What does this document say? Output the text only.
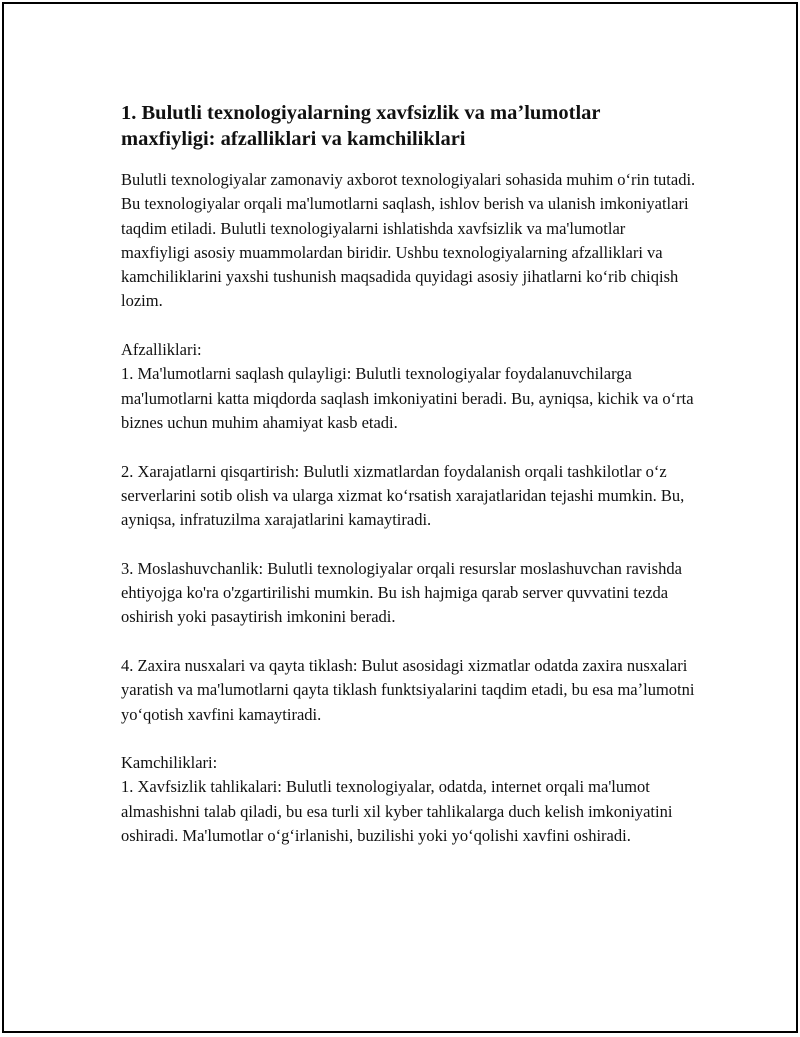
1. Bulutli texnologiyalarning xavfsizlik va maʼlumotlar maxfiyligi: afzalliklari va kamchiliklari

Bulutli texnologiyalar zamonaviy axborot texnologiyalari sohasida muhim oʻrin tutadi. Bu texnologiyalar orqali ma'lumotlarni saqlash, ishlov berish va ulanish imkoniyatlari taqdim etiladi. Bulutli texnologiyalarni ishlatishda xavfsizlik va ma'lumotlar maxfiyligi asosiy muammolardan biridir. Ushbu texnologiyalarning afzalliklari va kamchiliklarini yaxshi tushunish maqsadida quyidagi asosiy jihatlarni koʻrib chiqish lozim.

Afzalliklari:

1. Ma'lumotlarni saqlash qulayligi: Bulutli texnologiyalar foydalanuvchilarga ma'lumotlarni katta miqdorda saqlash imkoniyatini beradi. Bu, ayniqsa, kichik va oʻrta biznes uchun muhim ahamiyat kasb etadi.

2. Xarajatlarni qisqartirish: Bulutli xizmatlardan foydalanish orqali tashkilotlar oʻz serverlarini sotib olish va ularga xizmat koʻrsatish xarajatlaridan tejashi mumkin. Bu, ayniqsa, infratuzilma xarajatlarini kamaytiradi.

3. Moslashuvchanlik: Bulutli texnologiyalar orqali resurslar moslashuvchan ravishda ehtiyojga ko'ra o'zgartirilishi mumkin. Bu ish hajmiga qarab server quvvatini tezda oshirish yoki pasaytirish imkonini beradi.

4. Zaxira nusxalari va qayta tiklash: Bulut asosidagi xizmatlar odatda zaxira nusxalari yaratish va ma'lumotlarni qayta tiklash funktsiyalarini taqdim etadi, bu esa maʼlumotni yoʻqotish xavfini kamaytiradi.

Kamchiliklari:

1. Xavfsizlik tahlikalari: Bulutli texnologiyalar, odatda, internet orqali ma'lumot almashishni talab qiladi, bu esa turli xil kyber tahlikalarga duch kelish imkoniyatini oshiradi. Ma'lumotlar oʻgʻirlanishi, buzilishi yoki yoʻqolishi xavfini oshiradi.
